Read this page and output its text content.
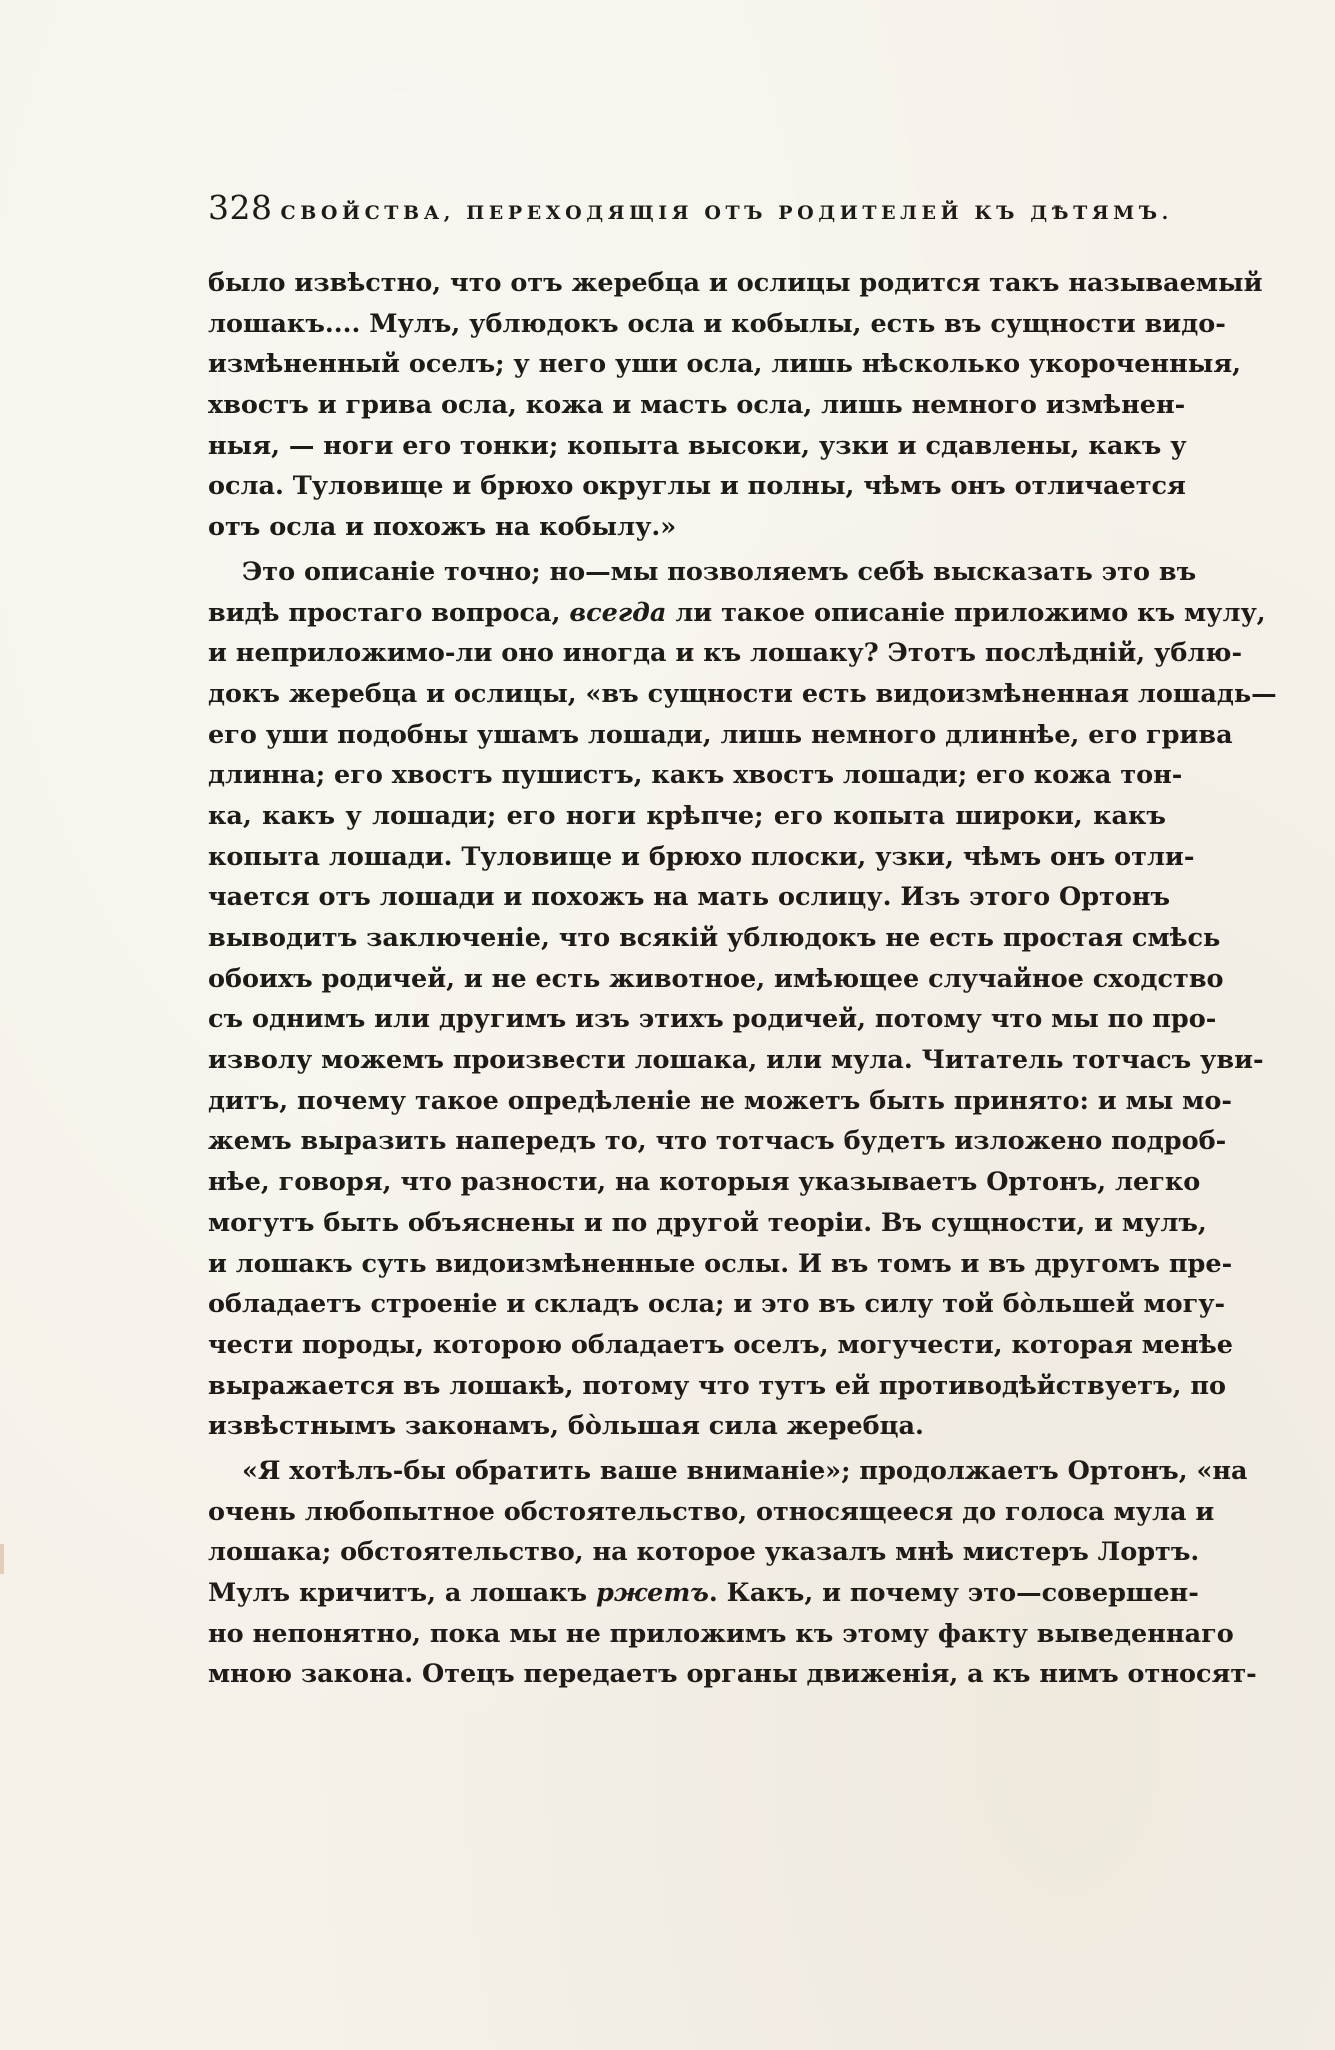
328 СВОЙСТВА, ПЕРЕХОДЯЩІЯ ОТЪ РОДИТЕЛЕЙ КЪ ДѢТЯМЪ.
было извѣстно, что отъ жеребца и ослицы родится такъ называемый
лошакъ.... Мулъ, ублюдокъ осла и кобылы, есть въ сущности видо-
измѣненный оселъ; у него уши осла, лишь нѣсколько укороченныя,
хвостъ и грива осла, кожа и масть осла, лишь немного измѣнен-
ныя, — ноги его тонки; копыта высоки, узки и сдавлены, какъ у
осла. Туловище и брюхо округлы и полны, чѣмъ онъ отличается
отъ осла и похожъ на кобылу.»
Это описаніе точно; но—мы позволяемъ себѣ высказать это въ
видѣ простаго вопроса, всегда ли такое описаніе приложимо къ мулу,
и неприложимо-ли оно иногда и къ лошаку? Этотъ послѣдній, ублю-
докъ жеребца и ослицы, «въ сущности есть видоизмѣненная лошадь—
его уши подобны ушамъ лошади, лишь немного длиннѣе, его грива
длинна; его хвостъ пушистъ, какъ хвостъ лошади; его кожа тон-
ка, какъ у лошади; его ноги крѣпче; его копыта широки, какъ
копыта лошади. Туловище и брюхо плоски, узки, чѣмъ онъ отли-
чается отъ лошади и похожъ на мать ослицу. Изъ этого Ортонъ
выводитъ заключеніе, что всякій ублюдокъ не есть простая смѣсь
обоихъ родичей, и не есть животное, имѣющее случайное сходство
съ однимъ или другимъ изъ этихъ родичей, потому что мы по про-
изволу можемъ произвести лошака, или мула. Читатель тотчасъ уви-
дитъ, почему такое опредѣленіе не можетъ быть принято: и мы мо-
жемъ выразить напередъ то, что тотчасъ будетъ изложено подроб-
нѣе, говоря, что разности, на которыя указываетъ Ортонъ, легко
могутъ быть объяснены и по другой теоріи. Въ сущности, и мулъ,
и лошакъ суть видоизмѣненные ослы. И въ томъ и въ другомъ пре-
обладаетъ строеніе и складъ осла; и это въ силу той бòльшей могу-
чести породы, которою обладаетъ оселъ, могучести, которая менѣе
выражается въ лошакѣ, потому что тутъ ей противодѣйствуетъ, по
извѣстнымъ законамъ, бòльшая сила жеребца.
«Я хотѣлъ-бы обратить ваше вниманіе»; продолжаетъ Ортонъ, «на
очень любопытное обстоятельство, относящееся до голоса мула и
лошака; обстоятельство, на которое указалъ мнѣ мистеръ Лортъ.
Мулъ кричитъ, а лошакъ ржетъ. Какъ, и почему это—совершен-
но непонятно, пока мы не приложимъ къ этому факту выведеннаго
мною закона. Отецъ передаетъ органы движенія, а къ нимъ относят-
